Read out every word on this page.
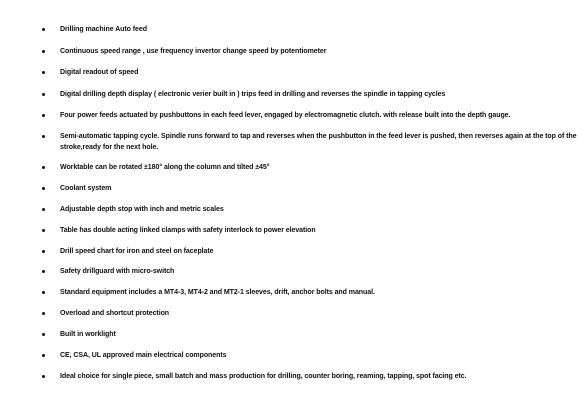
Drilling machine Auto feed
Continuous speed range , use frequency invertor change speed by potentiometer
Digital readout of speed
Digital drilling depth display ( electronic verier built in ) trips feed in drilling and reverses the spindle in tapping cycles
Four power feeds actuated by pushbuttons in each feed lever, engaged by electromagnetic clutch. with release built into the depth gauge.
Semi-automatic tapping cycle. Spindle runs forward to tap and reverses when the pushbutton in the feed lever is pushed, then reverses again at the top of the stroke,ready for the next hole.
Worktable can be rotated ±180° along the column and tilted ±45°
Coolant system
Adjustable depth stop with inch and metric scales
Table has double acting linked clamps with safety interlock to power elevation
Drill speed chart for iron and steel on faceplate
Safety drillguard with micro-switch
Standard equipment includes a MT4-3, MT4-2 and MT2-1 sleeves, drift, anchor bolts and manual.
Overload and shortcut protection
Built in worklight
CE, CSA, UL approved main electrical components
Ideal choice for single piece, small batch and mass production for drilling, counter boring, reaming, tapping, spot facing etc.
